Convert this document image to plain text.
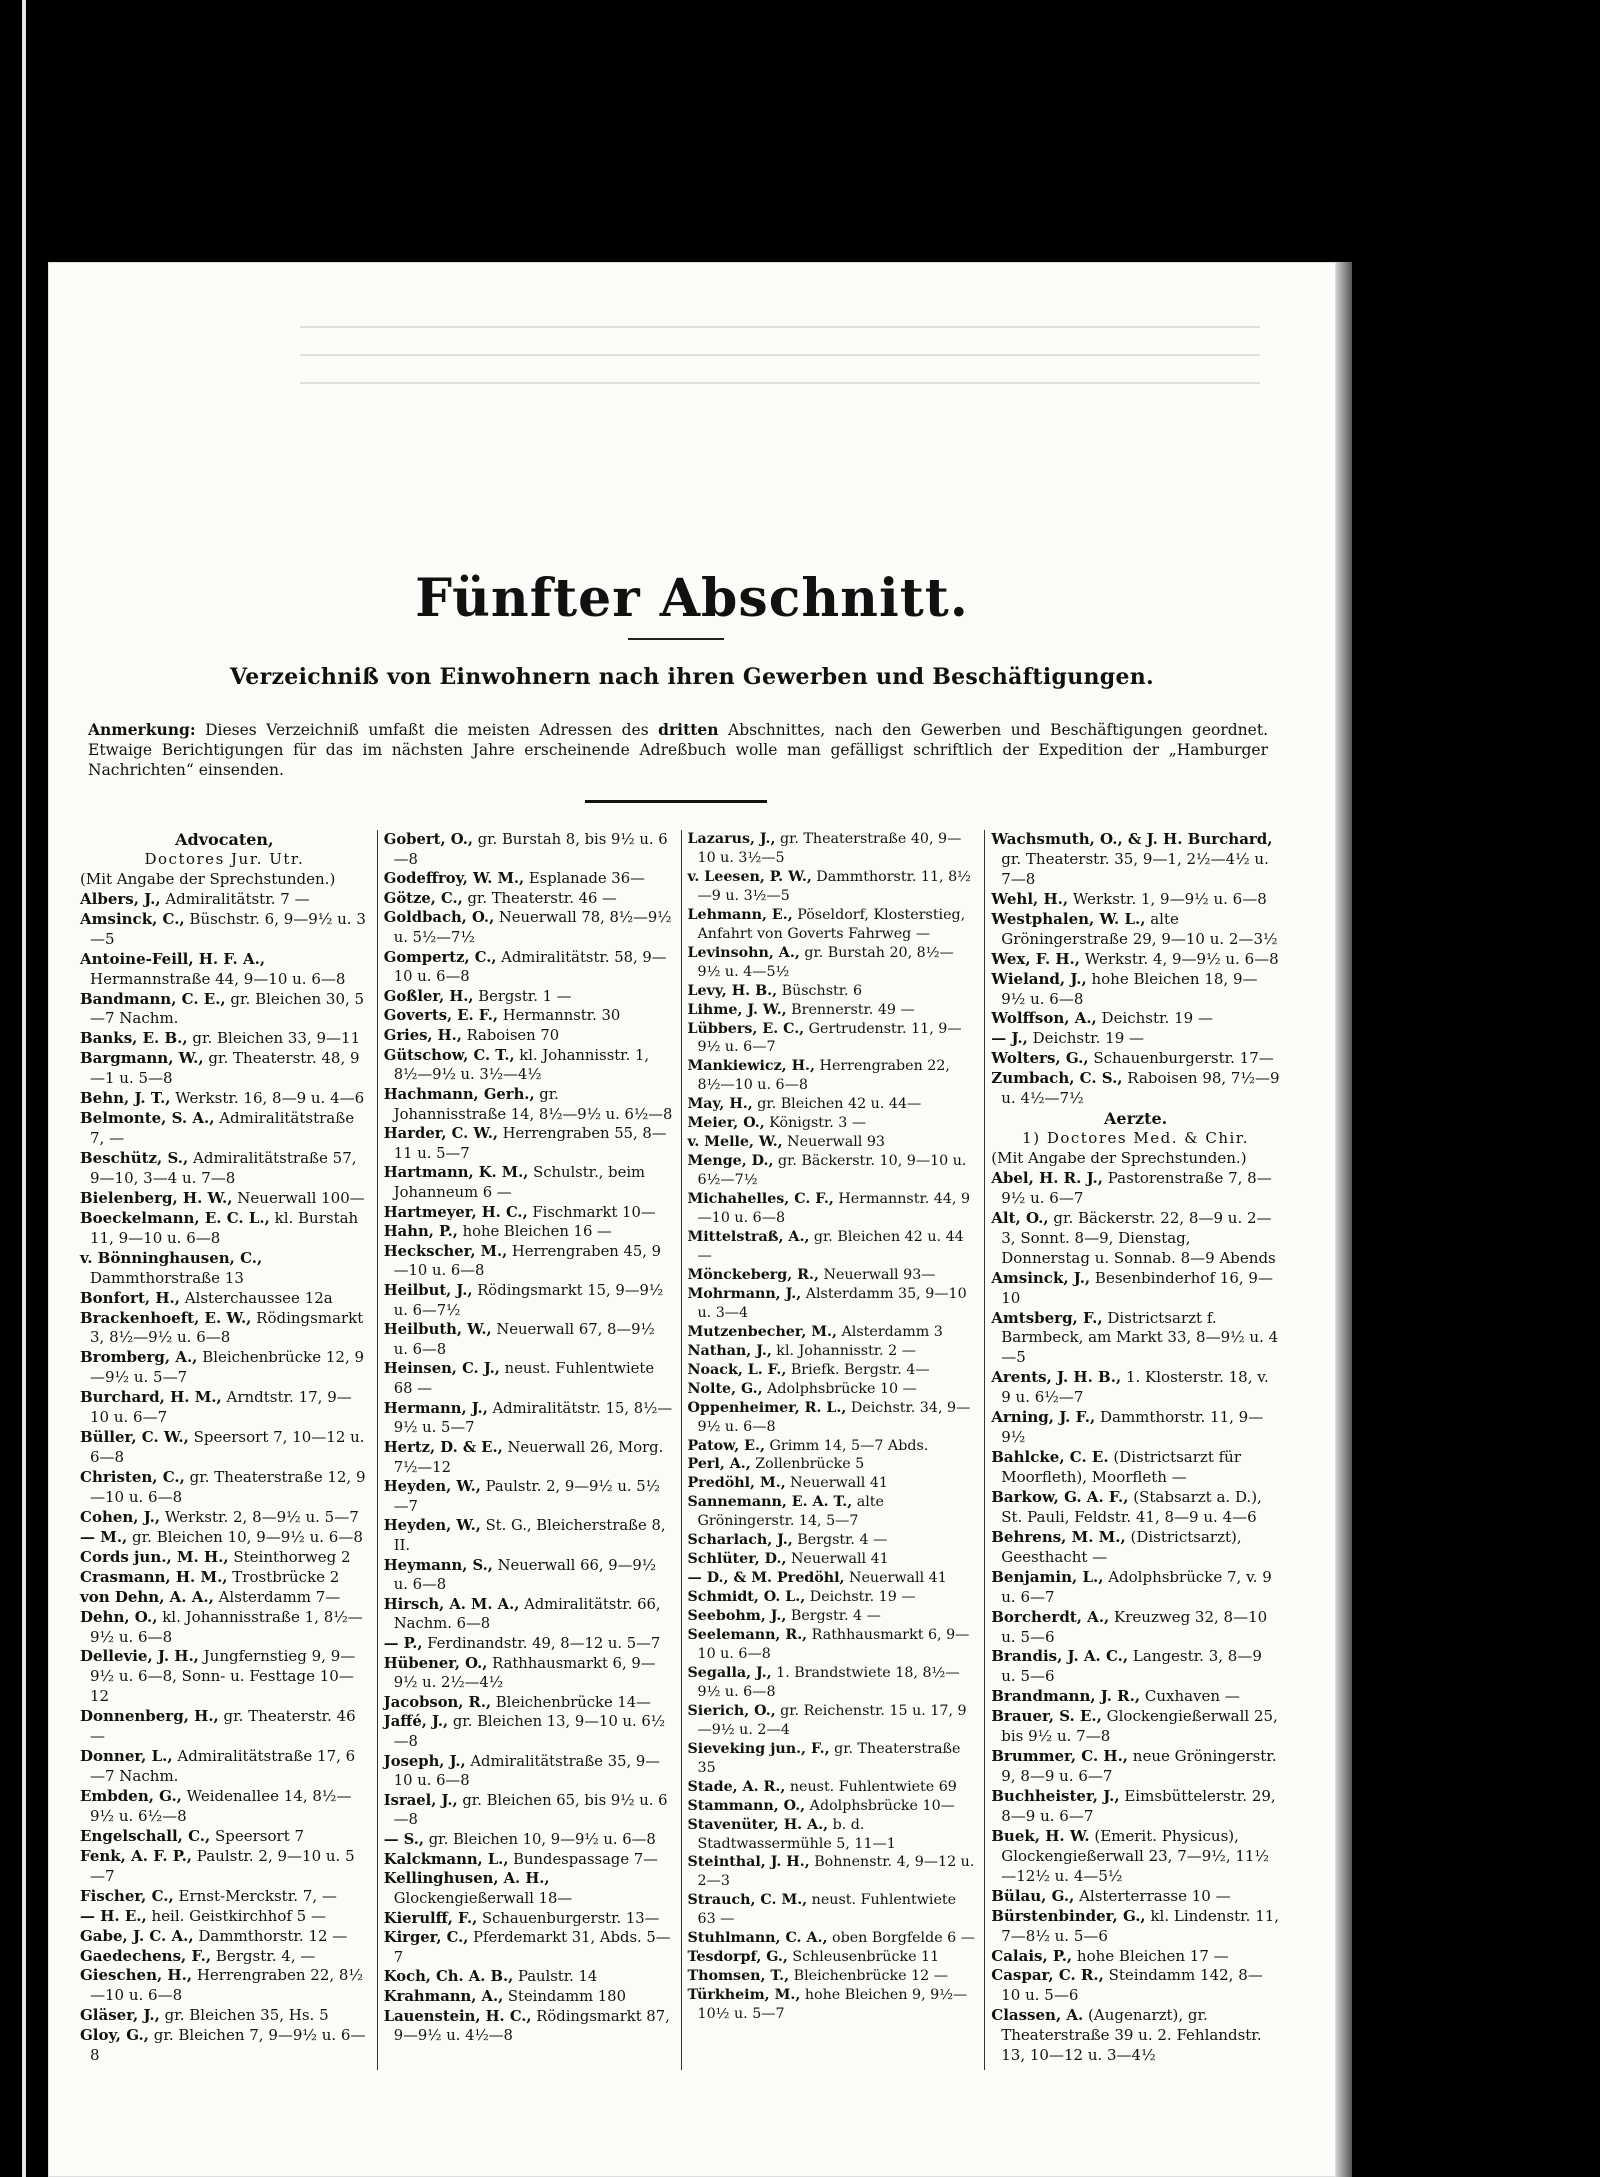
Fünfter Abschnitt.
Verzeichniß von Einwohnern nach ihren Gewerben und Beschäftigungen.
Anmerkung: Dieses Verzeichniß umfaßt die meisten Adressen des dritten Abschnittes, nach den Gewerben und Beschäftigungen geordnet. Etwaige Berichtigungen für das im nächsten Jahre erscheinende Adreßbuch wolle man gefälligst schriftlich der Expedition der „Hamburger Nachrichten“ einsenden.

Advocaten,

Doctores Jur. Utr.

(Mit Angabe der Sprechstunden.)

Albers, J., Admiralitätstr. 7 —

Amsinck, C., Büschstr. 6, 9—9½ u. 3—5

Antoine-Feill, H. F. A., Hermannstraße 44, 9—10 u. 6—8

Bandmann, C. E., gr. Bleichen 30, 5—7 Nachm.

Banks, E. B., gr. Bleichen 33, 9—11

Bargmann, W., gr. Theaterstr. 48, 9—1 u. 5—8

Behn, J. T., Werkstr. 16, 8—9 u. 4—6

Belmonte, S. A., Admiralitätstraße 7, —

Beschütz, S., Admiralitätstraße 57, 9—10, 3—4 u. 7—8

Bielenberg, H. W., Neuerwall 100—

Boeckelmann, E. C. L., kl. Burstah 11, 9—10 u. 6—8

v. Bönninghausen, C., Dammthorstraße 13

Bonfort, H., Alsterchaussee 12a

Brackenhoeft, E. W., Rödingsmarkt 3, 8½—9½ u. 6—8

Bromberg, A., Bleichenbrücke 12, 9—9½ u. 5—7

Burchard, H. M., Arndtstr. 17, 9—10 u. 6—7

Büller, C. W., Speersort 7, 10—12 u. 6—8

Christen, C., gr. Theaterstraße 12, 9—10 u. 6—8

Cohen, J., Werkstr. 2, 8—9½ u. 5—7

— M., gr. Bleichen 10, 9—9½ u. 6—8

Cords jun., M. H., Steinthorweg 2

Crasmann, H. M., Trostbrücke 2

von Dehn, A. A., Alsterdamm 7—

Dehn, O., kl. Johannisstraße 1, 8½—9½ u. 6—8

Dellevie, J. H., Jungfernstieg 9, 9—9½ u. 6—8, Sonn- u. Festtage 10—12

Donnenberg, H., gr. Theaterstr. 46—

Donner, L., Admiralitätstraße 17, 6—7 Nachm.

Embden, G., Weidenallee 14, 8½—9½ u. 6½—8

Engelschall, C., Speersort 7

Fenk, A. F. P., Paulstr. 2, 9—10 u. 5—7

Fischer, C., Ernst-Merckstr. 7, —

— H. E., heil. Geistkirchhof 5 —

Gabe, J. C. A., Dammthorstr. 12 —

Gaedechens, F., Bergstr. 4, —

Gieschen, H., Herrengraben 22, 8½—10 u. 6—8

Gläser, J., gr. Bleichen 35, Hs. 5

Gloy, G., gr. Bleichen 7, 9—9½ u. 6—8

Gobert, O., gr. Burstah 8, bis 9½ u. 6—8

Godeffroy, W. M., Esplanade 36—

Götze, C., gr. Theaterstr. 46 —

Goldbach, O., Neuerwall 78, 8½—9½ u. 5½—7½

Gompertz, C., Admiralitätstr. 58, 9—10 u. 6—8

Goßler, H., Bergstr. 1 —

Goverts, E. F., Hermannstr. 30

Gries, H., Raboisen 70

Gütschow, C. T., kl. Johannisstr. 1, 8½—9½ u. 3½—4½

Hachmann, Gerh., gr. Johannisstraße 14, 8½—9½ u. 6½—8

Harder, C. W., Herrengraben 55, 8—11 u. 5—7

Hartmann, K. M., Schulstr., beim Johanneum 6 —

Hartmeyer, H. C., Fischmarkt 10—

Hahn, P., hohe Bleichen 16 —

Heckscher, M., Herrengraben 45, 9—10 u. 6—8

Heilbut, J., Rödingsmarkt 15, 9—9½ u. 6—7½

Heilbuth, W., Neuerwall 67, 8—9½ u. 6—8

Heinsen, C. J., neust. Fuhlentwiete 68 —

Hermann, J., Admiralitätstr. 15, 8½—9½ u. 5—7

Hertz, D. & E., Neuerwall 26, Morg. 7½—12

Heyden, W., Paulstr. 2, 9—9½ u. 5½—7

Heyden, W., St. G., Bleicherstraße 8, II.

Heymann, S., Neuerwall 66, 9—9½ u. 6—8

Hirsch, A. M. A., Admiralitätstr. 66, Nachm. 6—8

— P., Ferdinandstr. 49, 8—12 u. 5—7

Hübener, O., Rathhausmarkt 6, 9—9½ u. 2½—4½

Jacobson, R., Bleichenbrücke 14—

Jaffé, J., gr. Bleichen 13, 9—10 u. 6½—8

Joseph, J., Admiralitätstraße 35, 9—10 u. 6—8

Israel, J., gr. Bleichen 65, bis 9½ u. 6—8

— S., gr. Bleichen 10, 9—9½ u. 6—8

Kalckmann, L., Bundespassage 7—

Kellinghusen, A. H., Glockengießerwall 18—

Kierulff, F., Schauenburgerstr. 13—

Kirger, C., Pferdemarkt 31, Abds. 5—7

Koch, Ch. A. B., Paulstr. 14

Krahmann, A., Steindamm 180

Lauenstein, H. C., Rödingsmarkt 87, 9—9½ u. 4½—8

Lazarus, J., gr. Theaterstraße 40, 9—10 u. 3½—5

v. Leesen, P. W., Dammthorstr. 11, 8½—9 u. 3½—5

Lehmann, E., Pöseldorf, Klosterstieg, Anfahrt von Goverts Fahrweg —

Levinsohn, A., gr. Burstah 20, 8½—9½ u. 4—5½

Levy, H. B., Büschstr. 6

Lihme, J. W., Brennerstr. 49 —

Lübbers, E. C., Gertrudenstr. 11, 9—9½ u. 6—7

Mankiewicz, H., Herrengraben 22, 8½—10 u. 6—8

May, H., gr. Bleichen 42 u. 44—

Meier, O., Königstr. 3 —

v. Melle, W., Neuerwall 93

Menge, D., gr. Bäckerstr. 10, 9—10 u. 6½—7½

Michahelles, C. F., Hermannstr. 44, 9—10 u. 6—8

Mittelstraß, A., gr. Bleichen 42 u. 44 —

Mönckeberg, R., Neuerwall 93—

Mohrmann, J., Alsterdamm 35, 9—10 u. 3—4

Mutzenbecher, M., Alsterdamm 3

Nathan, J., kl. Johannisstr. 2 —

Noack, L. F., Briefk. Bergstr. 4—

Nolte, G., Adolphsbrücke 10 —

Oppenheimer, R. L., Deichstr. 34, 9—9½ u. 6—8

Patow, E., Grimm 14, 5—7 Abds.

Perl, A., Zollenbrücke 5

Predöhl, M., Neuerwall 41

Sannemann, E. A. T., alte Gröningerstr. 14, 5—7

Scharlach, J., Bergstr. 4 —

Schlüter, D., Neuerwall 41

— D., & M. Predöhl, Neuerwall 41

Schmidt, O. L., Deichstr. 19 —

Seebohm, J., Bergstr. 4 —

Seelemann, R., Rathhausmarkt 6, 9—10 u. 6—8

Segalla, J., 1. Brandstwiete 18, 8½—9½ u. 6—8

Sierich, O., gr. Reichenstr. 15 u. 17, 9—9½ u. 2—4

Sieveking jun., F., gr. Theaterstraße 35

Stade, A. R., neust. Fuhlentwiete 69

Stammann, O., Adolphsbrücke 10—

Stavenüter, H. A., b. d. Stadtwassermühle 5, 11—1

Steinthal, J. H., Bohnenstr. 4, 9—12 u. 2—3

Strauch, C. M., neust. Fuhlentwiete 63 —

Stuhlmann, C. A., oben Borgfelde 6 —

Tesdorpf, G., Schleusenbrücke 11

Thomsen, T., Bleichenbrücke 12 —

Türkheim, M., hohe Bleichen 9, 9½—10½ u. 5—7

Wachsmuth, O., & J. H. Burchard, gr. Theaterstr. 35, 9—1, 2½—4½ u. 7—8

Wehl, H., Werkstr. 1, 9—9½ u. 6—8

Westphalen, W. L., alte Gröningerstraße 29, 9—10 u. 2—3½

Wex, F. H., Werkstr. 4, 9—9½ u. 6—8

Wieland, J., hohe Bleichen 18, 9—9½ u. 6—8

Wolffson, A., Deichstr. 19 —

— J., Deichstr. 19 —

Wolters, G., Schauenburgerstr. 17—

Zumbach, C. S., Raboisen 98, 7½—9 u. 4½—7½

Aerzte.

1) Doctores Med. & Chir.

(Mit Angabe der Sprechstunden.)

Abel, H. R. J., Pastorenstraße 7, 8—9½ u. 6—7

Alt, O., gr. Bäckerstr. 22, 8—9 u. 2—3, Sonnt. 8—9, Dienstag, Donnerstag u. Sonnab. 8—9 Abends

Amsinck, J., Besenbinderhof 16, 9—10

Amtsberg, F., Districtsarzt f. Barmbeck, am Markt 33, 8—9½ u. 4—5

Arents, J. H. B., 1. Klosterstr. 18, v. 9 u. 6½—7

Arning, J. F., Dammthorstr. 11, 9—9½

Bahlcke, C. E. (Districtsarzt für Moorfleth), Moorfleth —

Barkow, G. A. F., (Stabsarzt a. D.), St. Pauli, Feldstr. 41, 8—9 u. 4—6

Behrens, M. M., (Districtsarzt), Geesthacht —

Benjamin, L., Adolphsbrücke 7, v. 9 u. 6—7

Borcherdt, A., Kreuzweg 32, 8—10 u. 5—6

Brandis, J. A. C., Langestr. 3, 8—9 u. 5—6

Brandmann, J. R., Cuxhaven —

Brauer, S. E., Glockengießerwall 25, bis 9½ u. 7—8

Brummer, C. H., neue Gröningerstr. 9, 8—9 u. 6—7

Buchheister, J., Eimsbüttelerstr. 29, 8—9 u. 6—7

Buek, H. W. (Emerit. Physicus), Glockengießerwall 23, 7—9½, 11½—12½ u. 4—5½

Bülau, G., Alsterterrasse 10 —

Bürstenbinder, G., kl. Lindenstr. 11, 7—8½ u. 5—6

Calais, P., hohe Bleichen 17 —

Caspar, C. R., Steindamm 142, 8—10 u. 5—6

Classen, A. (Augenarzt), gr. Theaterstraße 39 u. 2. Fehlandstr. 13, 10—12 u. 3—4½
